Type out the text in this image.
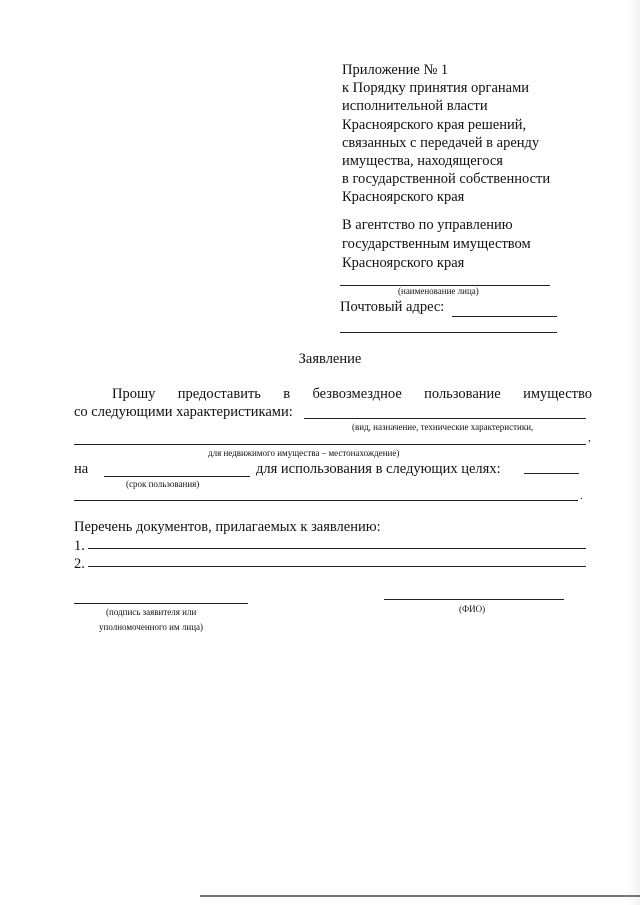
Приложение № 1
к Порядку принятия органами
исполнительной власти
Красноярского края решений,
связанных с передачей в аренду
имущества, находящегося
в государственной собственности
Красноярского края
В агентство по управлению
государственным имуществом
Красноярского края
(наименование лица)
Почтовый адрес:
Заявление
Прошу предоставить в безвозмездное пользование имущество
со следующими характеристиками:
(вид, назначение, технические характеристики,
,
для недвижимого имущества – местонахождение)
на	для использования в следующих целях:
(срок пользования)
.
Перечень документов, прилагаемых к заявлению:
1.
2.
(подпись заявителя или
уполномоченного им лица)
(ФИО)
